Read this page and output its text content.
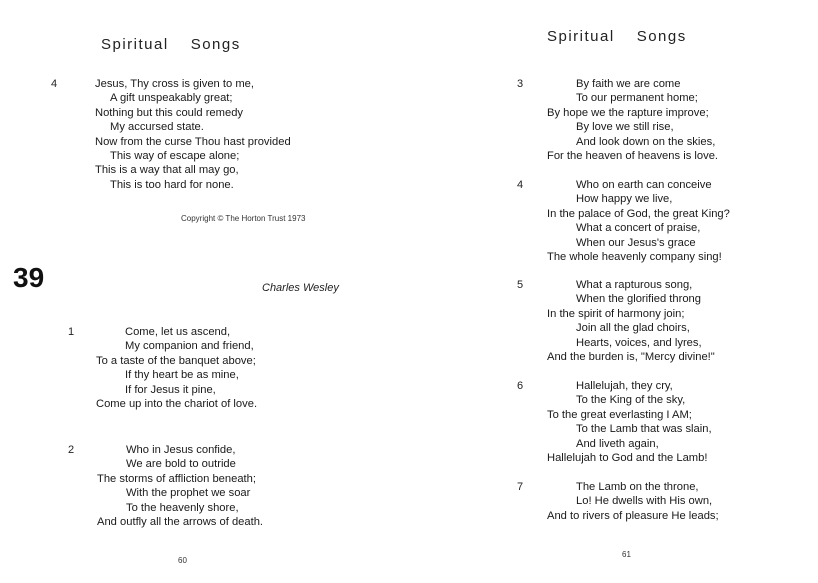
Spiritual Songs
4	Jesus, Thy cross is given to me,
A gift unspeakably great;
Nothing but this could remedy
My accursed state.
Now from the curse Thou hast provided
This way of escape alone;
This is a way that all may go,
This is too hard for none.
Copyright © The Horton Trust 1973
39	Charles Wesley
1	Come, let us ascend,
My companion and friend,
To a taste of the banquet above;
If thy heart be as mine,
If for Jesus it pine,
Come up into the chariot of love.
2	Who in Jesus confide,
We are bold to outride
The storms of affliction beneath;
With the prophet we soar
To the heavenly shore,
And outfly all the arrows of death.
60
Spiritual Songs
3	By faith we are come
To our permanent home;
By hope we the rapture improve;
By love we still rise,
And look down on the skies,
For the heaven of heavens is love.
4	Who on earth can conceive
How happy we live,
In the palace of God, the great King?
What a concert of praise,
When our Jesus's grace
The whole heavenly company sing!
5	What a rapturous song,
When the glorified throng
In the spirit of harmony join;
Join all the glad choirs,
Hearts, voices, and lyres,
And the burden is, "Mercy divine!"
6	Hallelujah, they cry,
To the King of the sky,
To the great everlasting I AM;
To the Lamb that was slain,
And liveth again,
Hallelujah to God and the Lamb!
7	The Lamb on the throne,
Lo! He dwells with His own,
And to rivers of pleasure He leads;
61
